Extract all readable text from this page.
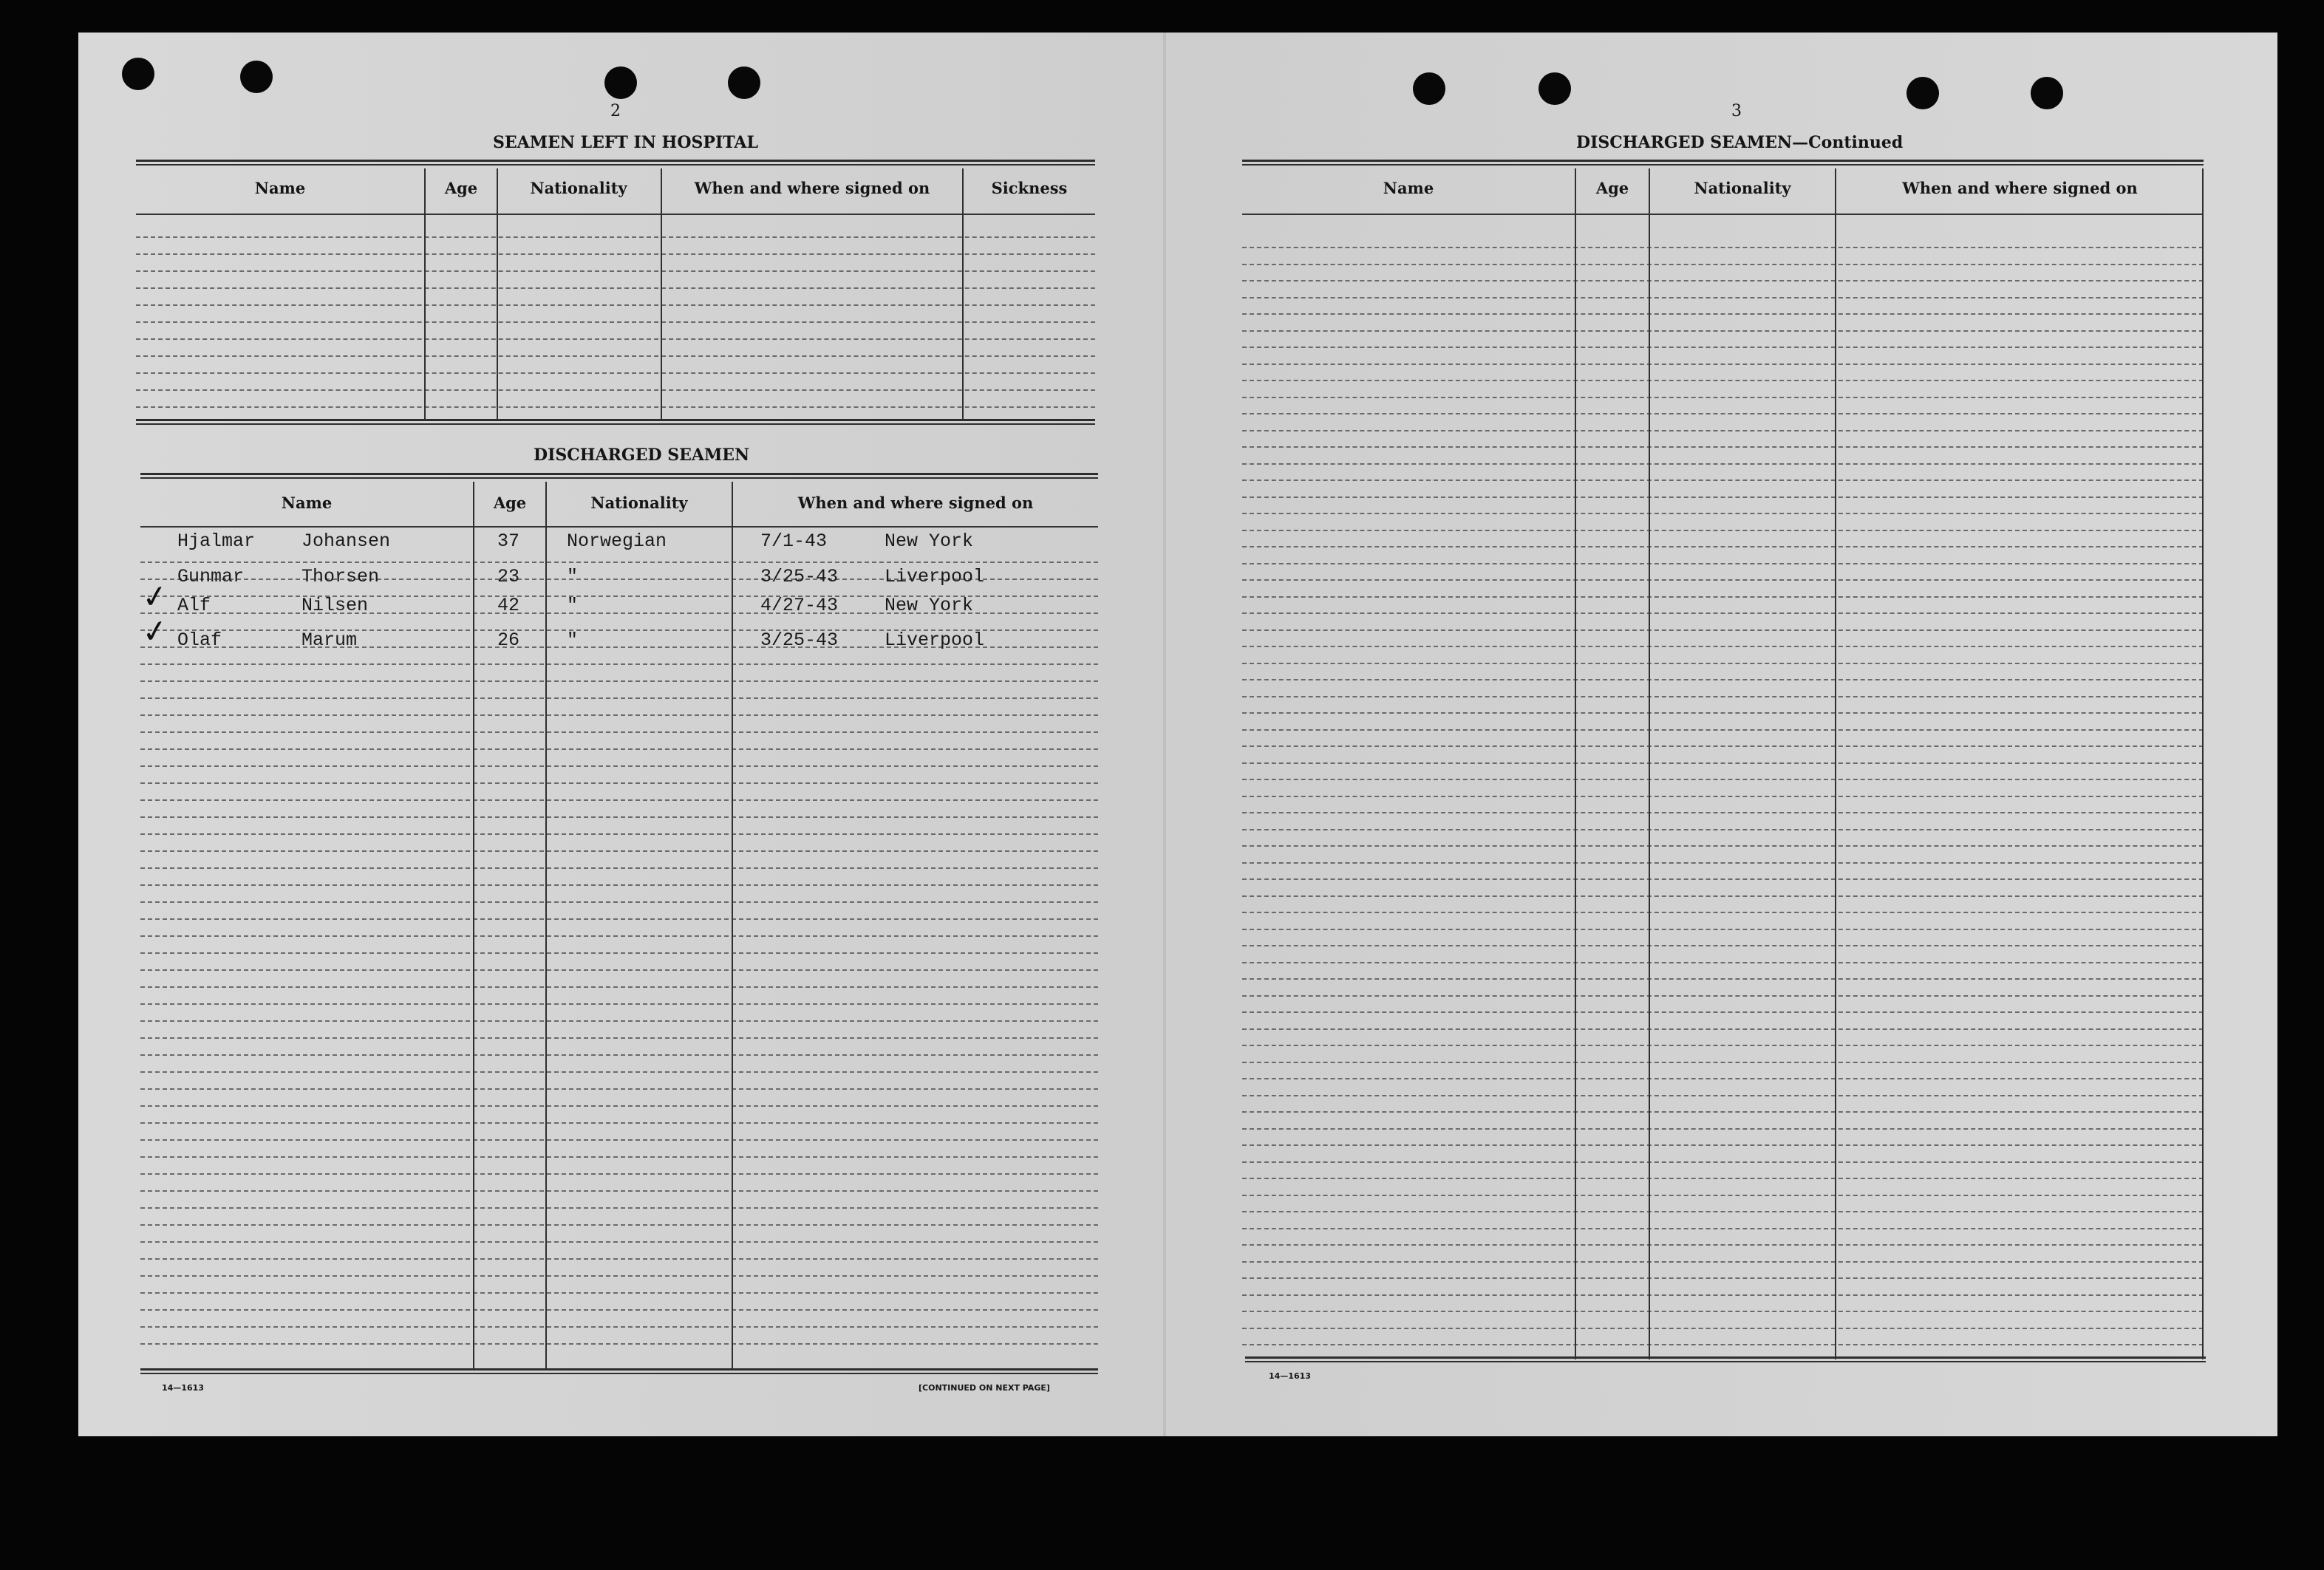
2
SEAMEN LEFT IN HOSPITAL
Name	Age	Nationality	When and where signed on	Sickness
DISCHARGED SEAMEN
Name	Age	Nationality	When and where signed on
Hjalmar	Johansen	37	Norwegian	7/1-43	New York
Gunmar	Thorsen	23	"	3/25-43	Liverpool
Alf	Nilsen	42	"	4/27-43	New York
✓
Olaf	Marum	26	"	3/25-43	Liverpool
✓
14—1613	[CONTINUED ON NEXT PAGE]
3
DISCHARGED SEAMEN—Continued
Name	Age	Nationality	When and where signed on
14—1613
